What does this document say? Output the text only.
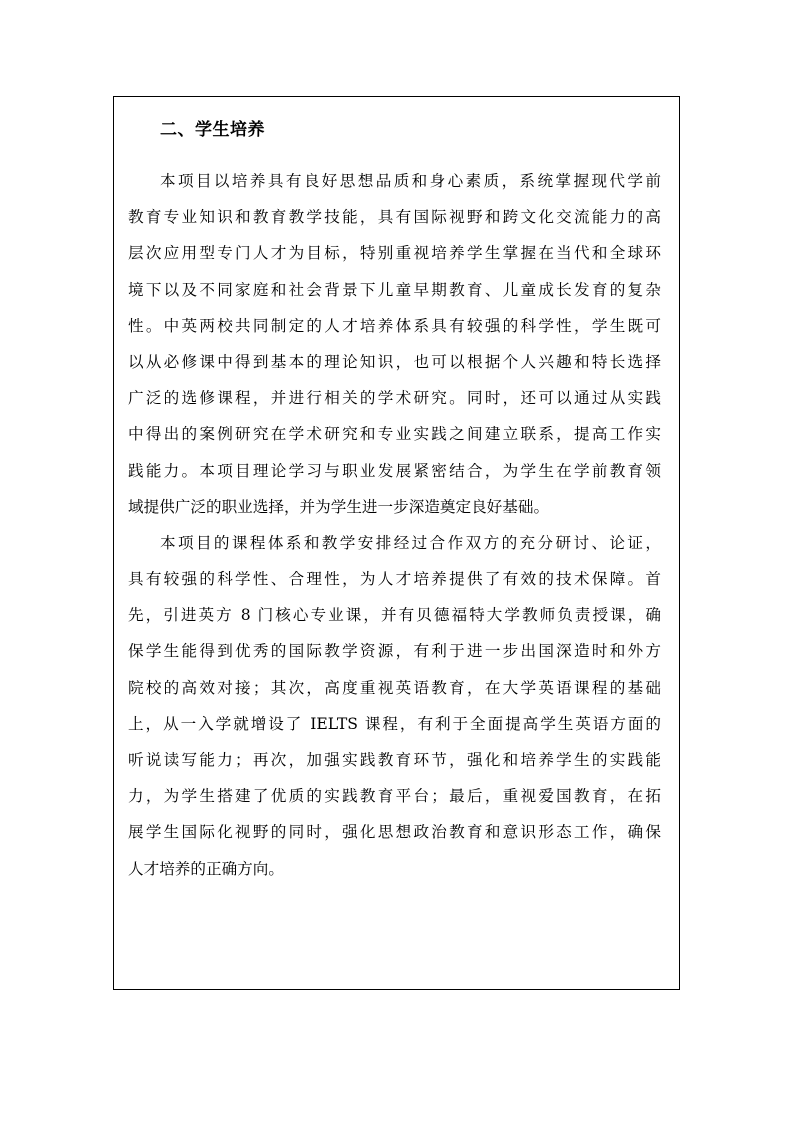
二、学生培养
本项目以培养具有良好思想品质和身心素质，系统掌握现代学前
教育专业知识和教育教学技能，具有国际视野和跨文化交流能力的高
层次应用型专门人才为目标，特别重视培养学生掌握在当代和全球环
境下以及不同家庭和社会背景下儿童早期教育、儿童成长发育的复杂
性。中英两校共同制定的人才培养体系具有较强的科学性，学生既可
以从必修课中得到基本的理论知识，也可以根据个人兴趣和特长选择
广泛的选修课程，并进行相关的学术研究。同时，还可以通过从实践
中得出的案例研究在学术研究和专业实践之间建立联系，提高工作实
践能力。本项目理论学习与职业发展紧密结合，为学生在学前教育领
域提供广泛的职业选择，并为学生进一步深造奠定良好基础。
本项目的课程体系和教学安排经过合作双方的充分研讨、论证，
具有较强的科学性、合理性，为人才培养提供了有效的技术保障。首
先，引进英方 8 门核心专业课，并有贝德福特大学教师负责授课，确
保学生能得到优秀的国际教学资源，有利于进一步出国深造时和外方
院校的高效对接；其次，高度重视英语教育，在大学英语课程的基础
上，从一入学就增设了 IELTS 课程，有利于全面提高学生英语方面的
听说读写能力；再次，加强实践教育环节，强化和培养学生的实践能
力，为学生搭建了优质的实践教育平台；最后，重视爱国教育，在拓
展学生国际化视野的同时，强化思想政治教育和意识形态工作，确保
人才培养的正确方向。
